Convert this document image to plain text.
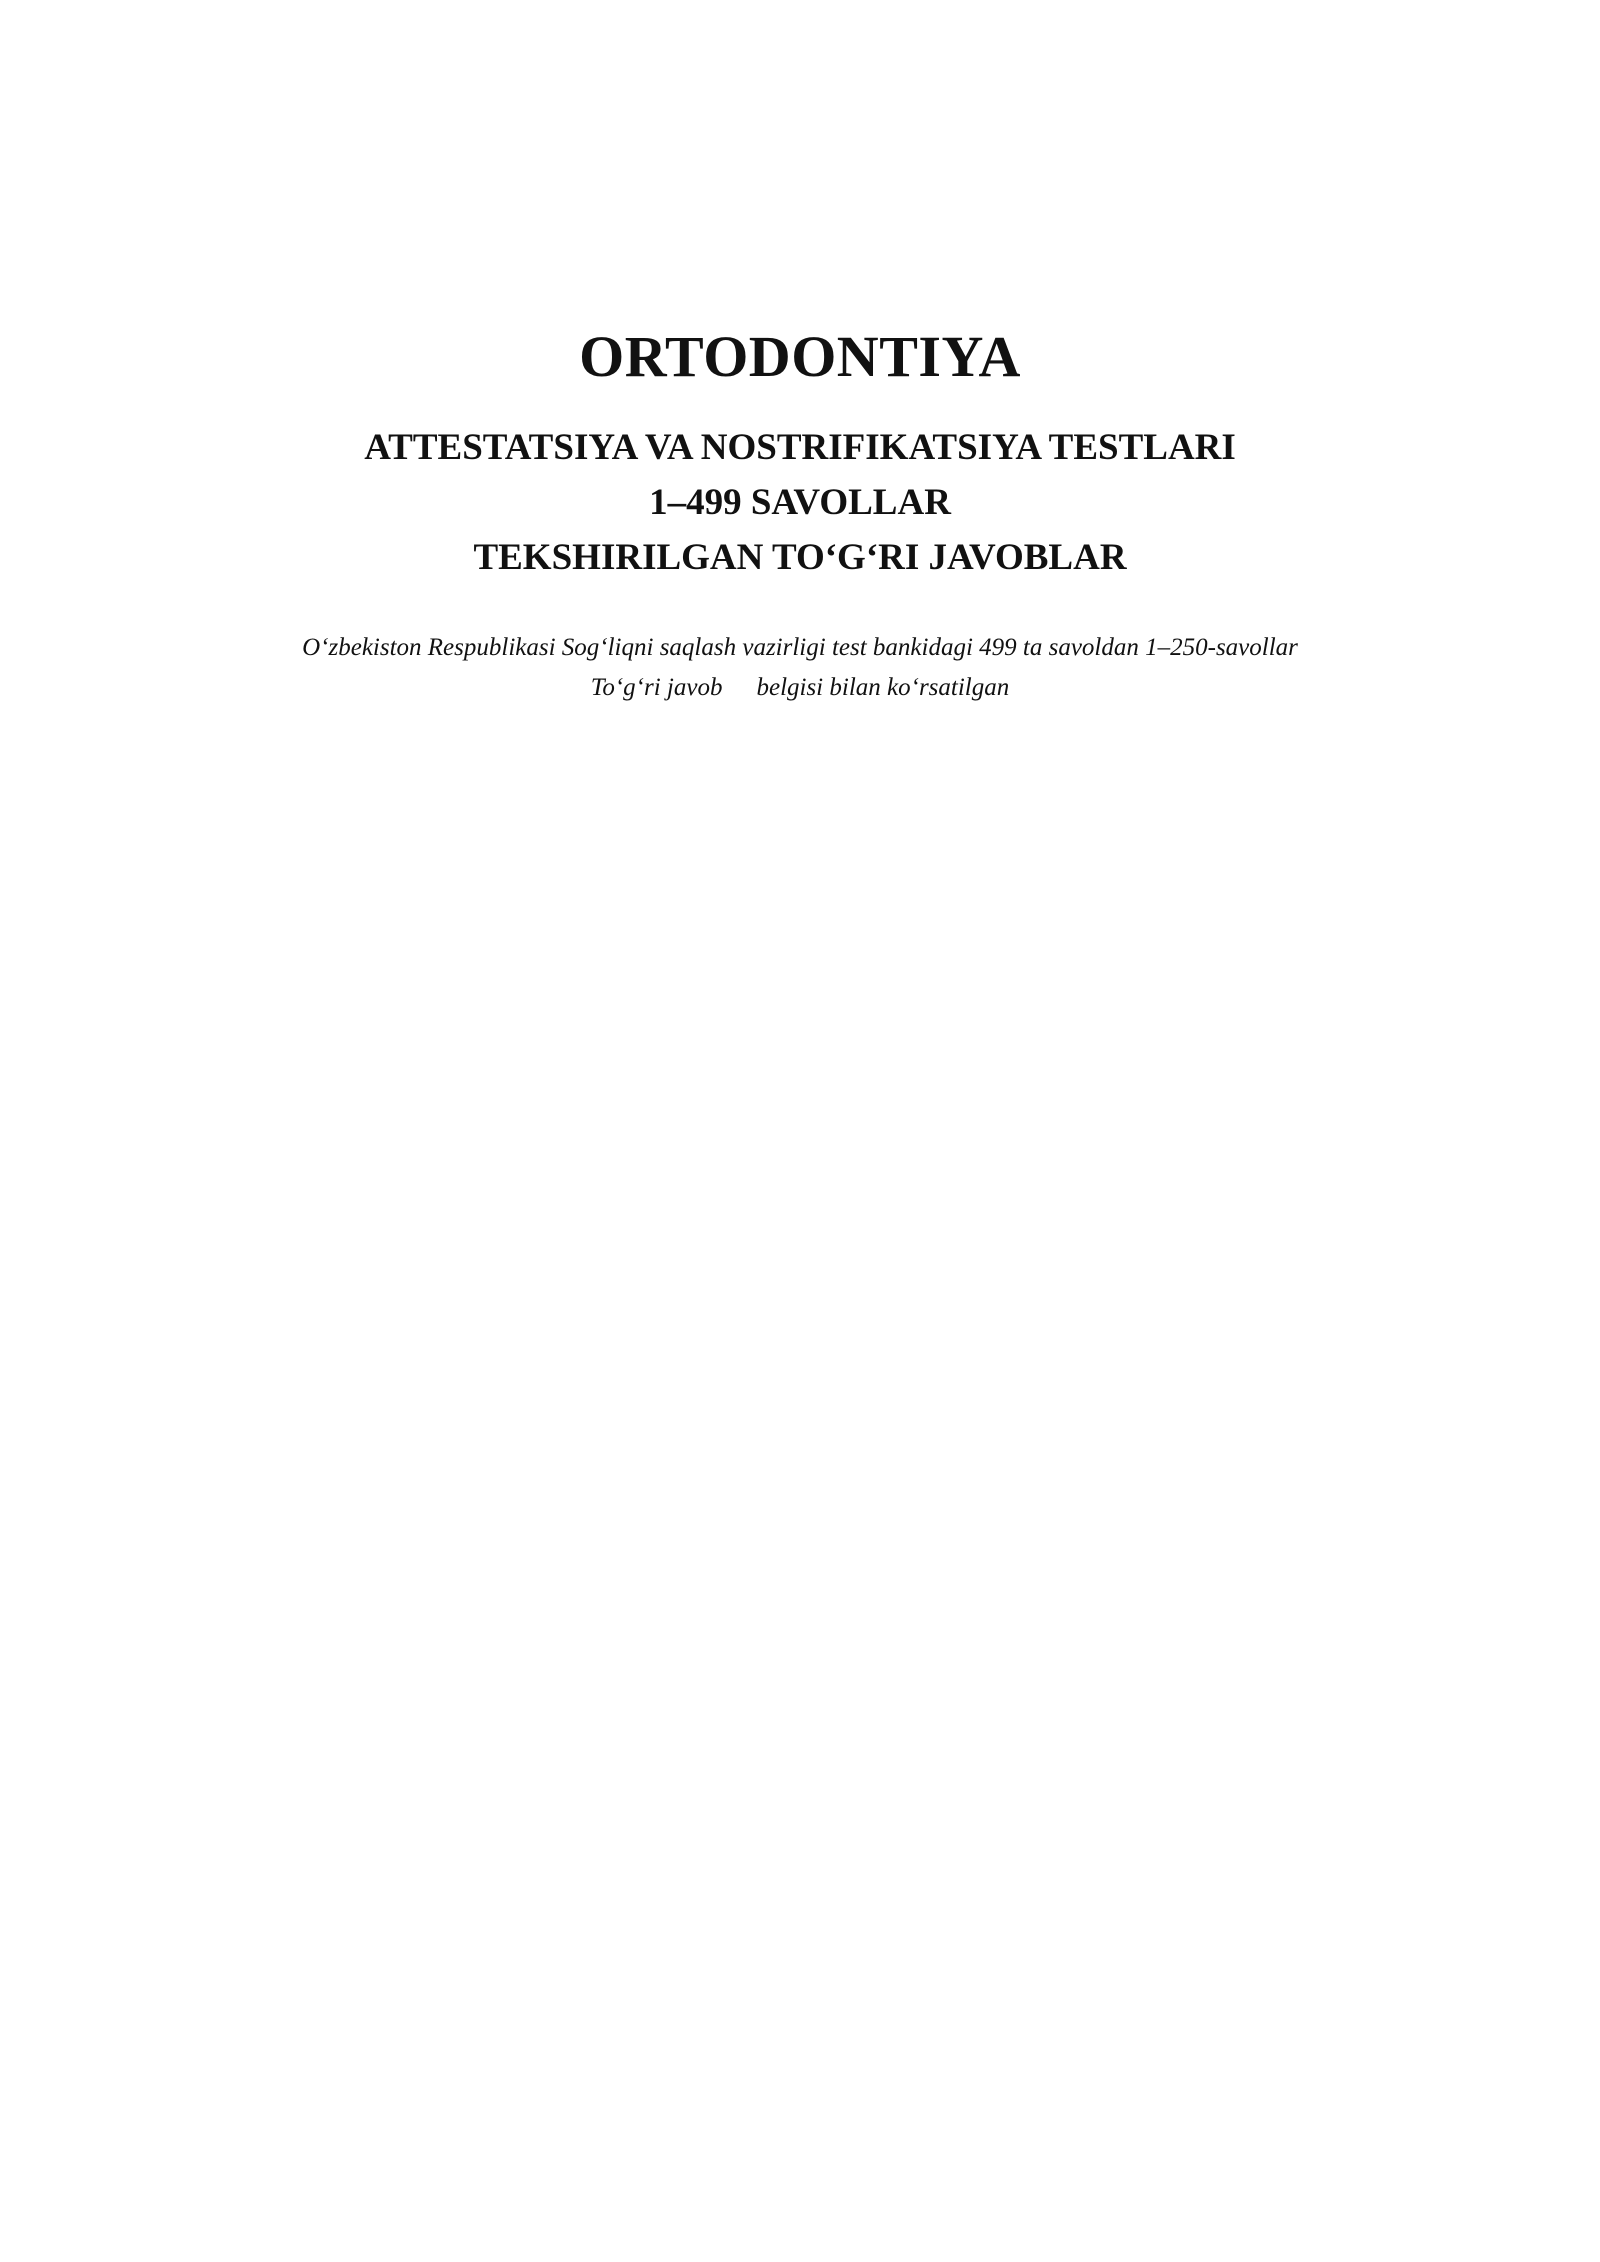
ORTODONTIYA
ATTESTATSIYA VA NOSTRIFIKATSIYA TESTLARI
1–499 SAVOLLAR
TEKSHIRILGAN TO‘G‘RI JAVOBLAR
O‘zbekiston Respublikasi Sog‘liqni saqlash vazirligi test bankidagi 499 ta savoldan 1–250-savollar
To‘g‘ri javob belgisi bilan ko‘rsatilgan
